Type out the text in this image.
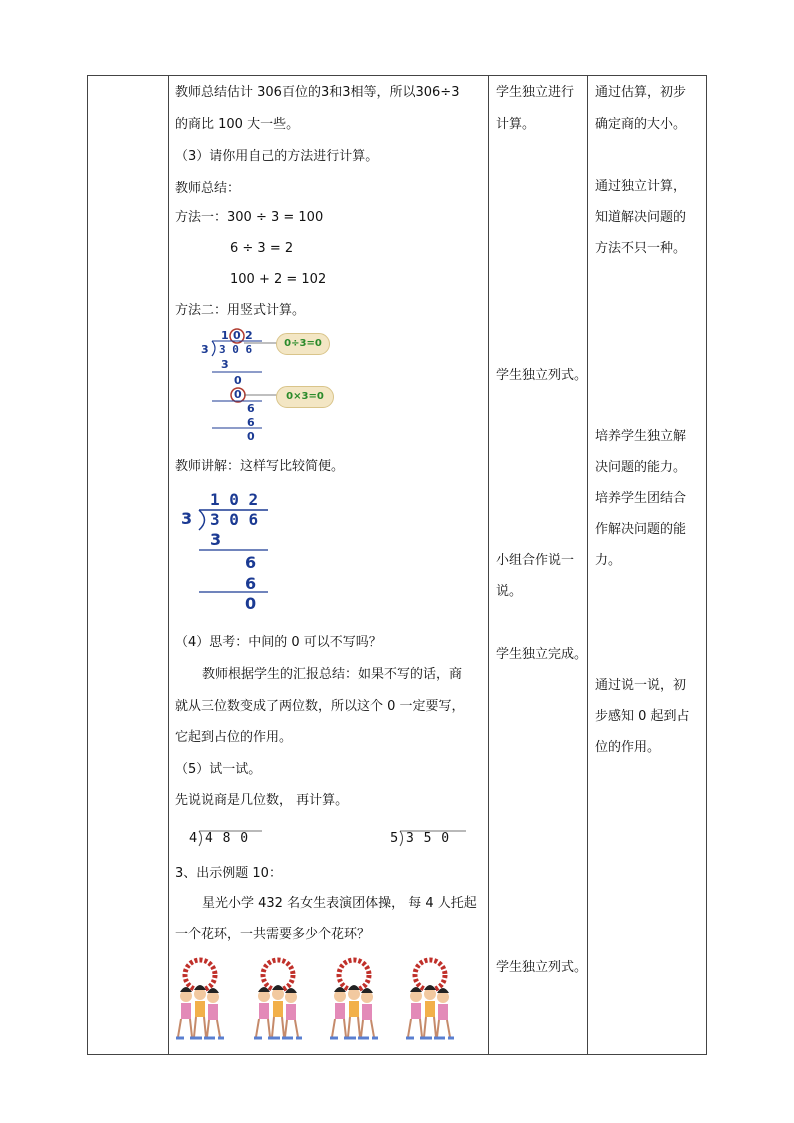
教师总结估计 306百位的3和3相等，所以306÷3
的商比 100 大一些。
（3）请你用自己的方法进行计算。
教师总结：
方法一：300 ÷ 3 = 100
6 ÷ 3 = 2
100 + 2 = 102
方法二：用竖式计算。
1 0 2
3 3 0 6
3
0
0
6
6
0
0÷3=0
0×3=0
教师讲解：这样写比较简便。
1 0 2
3 3 0 6
3
6
6
0
（4）思考：中间的 0 可以不写吗？
教师根据学生的汇报总结：如果不写的话，商
就从三位数变成了两位数，所以这个 0 一定要写，
它起到占位的作用。
（5）试一试。
先说说商是几位数， 再计算。
4 4 8 0	5 3 5 0
3、出示例题 10：
星光小学 432 名女生表演团体操， 每 4 人托起
一个花环，一共需要多少个花环？
学生独立进行
计算。
学生独立列式。
小组合作说一
说。
学生独立完成。
学生独立列式。
通过估算，初步
确定商的大小。
通过独立计算，
知道解决问题的
方法不只一种。
培养学生独立解
决问题的能力。
培养学生团结合
作解决问题的能
力。
通过说一说，初
步感知 0 起到占
位的作用。
